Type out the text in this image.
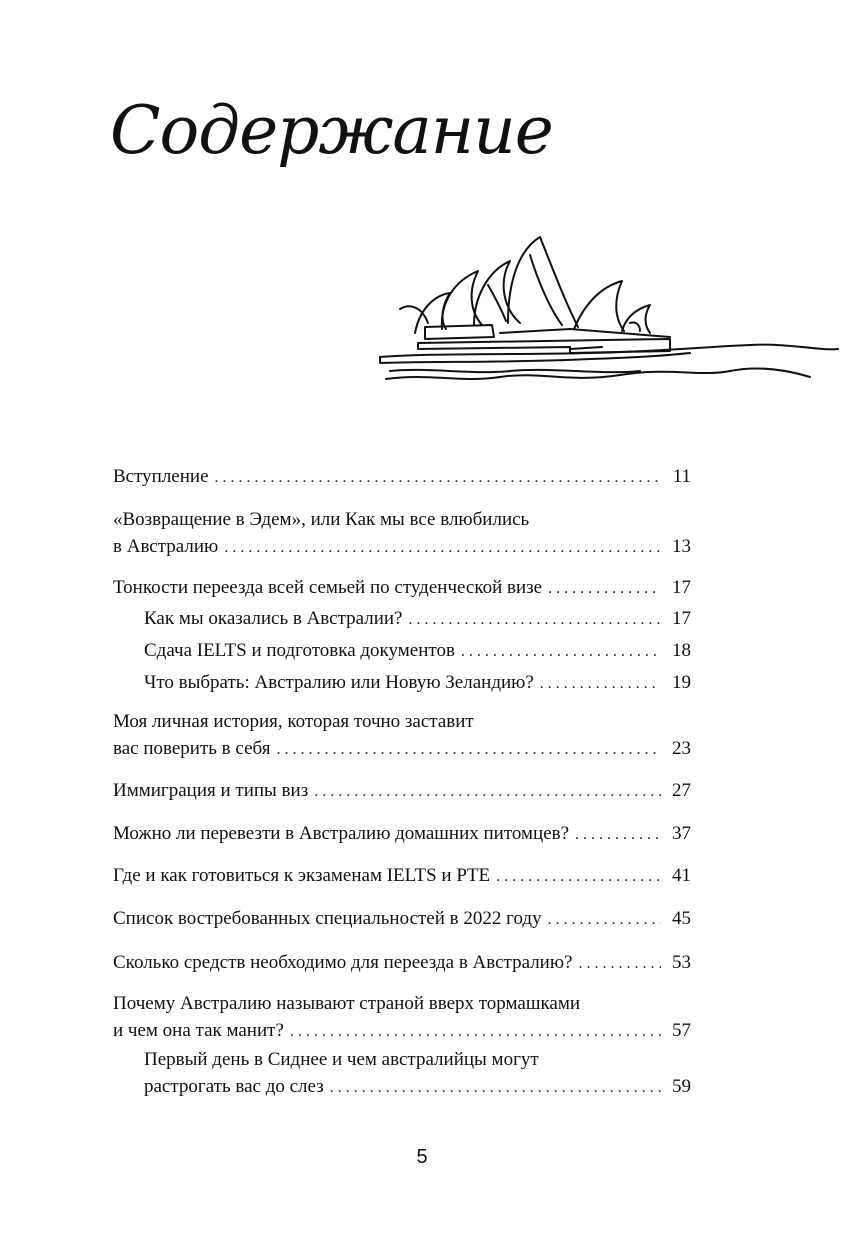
Содержание
Вступление . . .	11
«Возвращение в Эдем», или Как мы все влюбились
в Австралию . . .	13
Тонкости переезда всей семьей по студенческой визе . . .	17
Как мы оказались в Австралии? . . .	17
Сдача IELTS и подготовка документов . . .	18
Что выбрать: Австралию или Новую Зеландию? . . .	19
Моя личная история, которая точно заставит
вас поверить в себя . . .	23
Иммиграция и типы виз . . .	27
Можно ли перевезти в Австралию домашних питомцев? . . .	37
Где и как готовиться к экзаменам IELTS и PTE . . .	41
Список востребованных специальностей в 2022 году . . .	45
Сколько средств необходимо для переезда в Австралию? . . .	53
Почему Австралию называют страной вверх тормашками
и чем она так манит? . . .	57
Первый день в Сиднее и чем австралийцы могут
растрогать вас до слез . . .	59
5
